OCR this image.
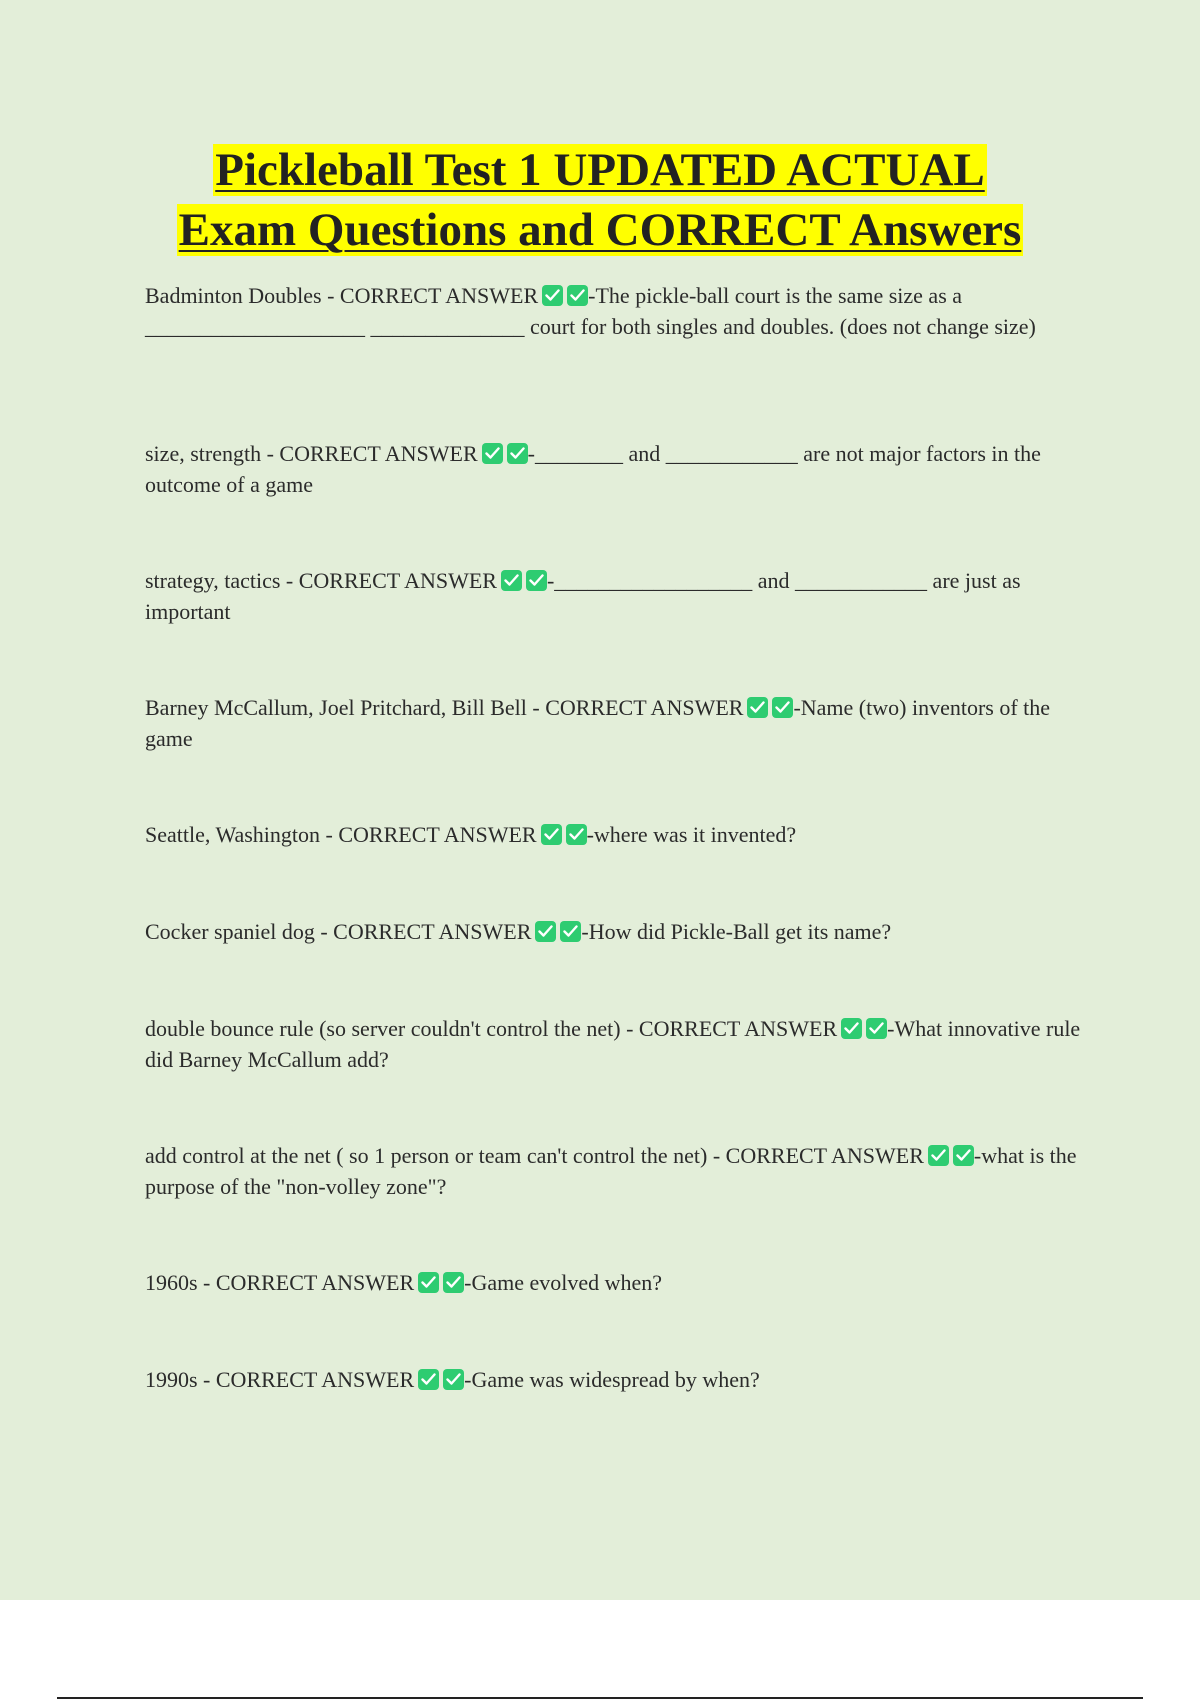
Pickleball Test 1 UPDATED ACTUAL
Exam Questions and CORRECT Answers
Badminton Doubles - CORRECT ANSWER -The pickle-ball court is the same size as a ____________________ ______________ court for both singles and doubles. (does not change size)
size, strength - CORRECT ANSWER -________ and ____________ are not major factors in the outcome of a game
strategy, tactics - CORRECT ANSWER -__________________ and ____________ are just as important
Barney McCallum, Joel Pritchard, Bill Bell - CORRECT ANSWER -Name (two) inventors of the game
Seattle, Washington - CORRECT ANSWER -where was it invented?
Cocker spaniel dog - CORRECT ANSWER -How did Pickle-Ball get its name?
double bounce rule (so server couldn't control the net) - CORRECT ANSWER -What innovative rule did Barney McCallum add?
add control at the net ( so 1 person or team can't control the net) - CORRECT ANSWER -what is the purpose of the "non-volley zone"?
1960s - CORRECT ANSWER -Game evolved when?
1990s - CORRECT ANSWER -Game was widespread by when?
